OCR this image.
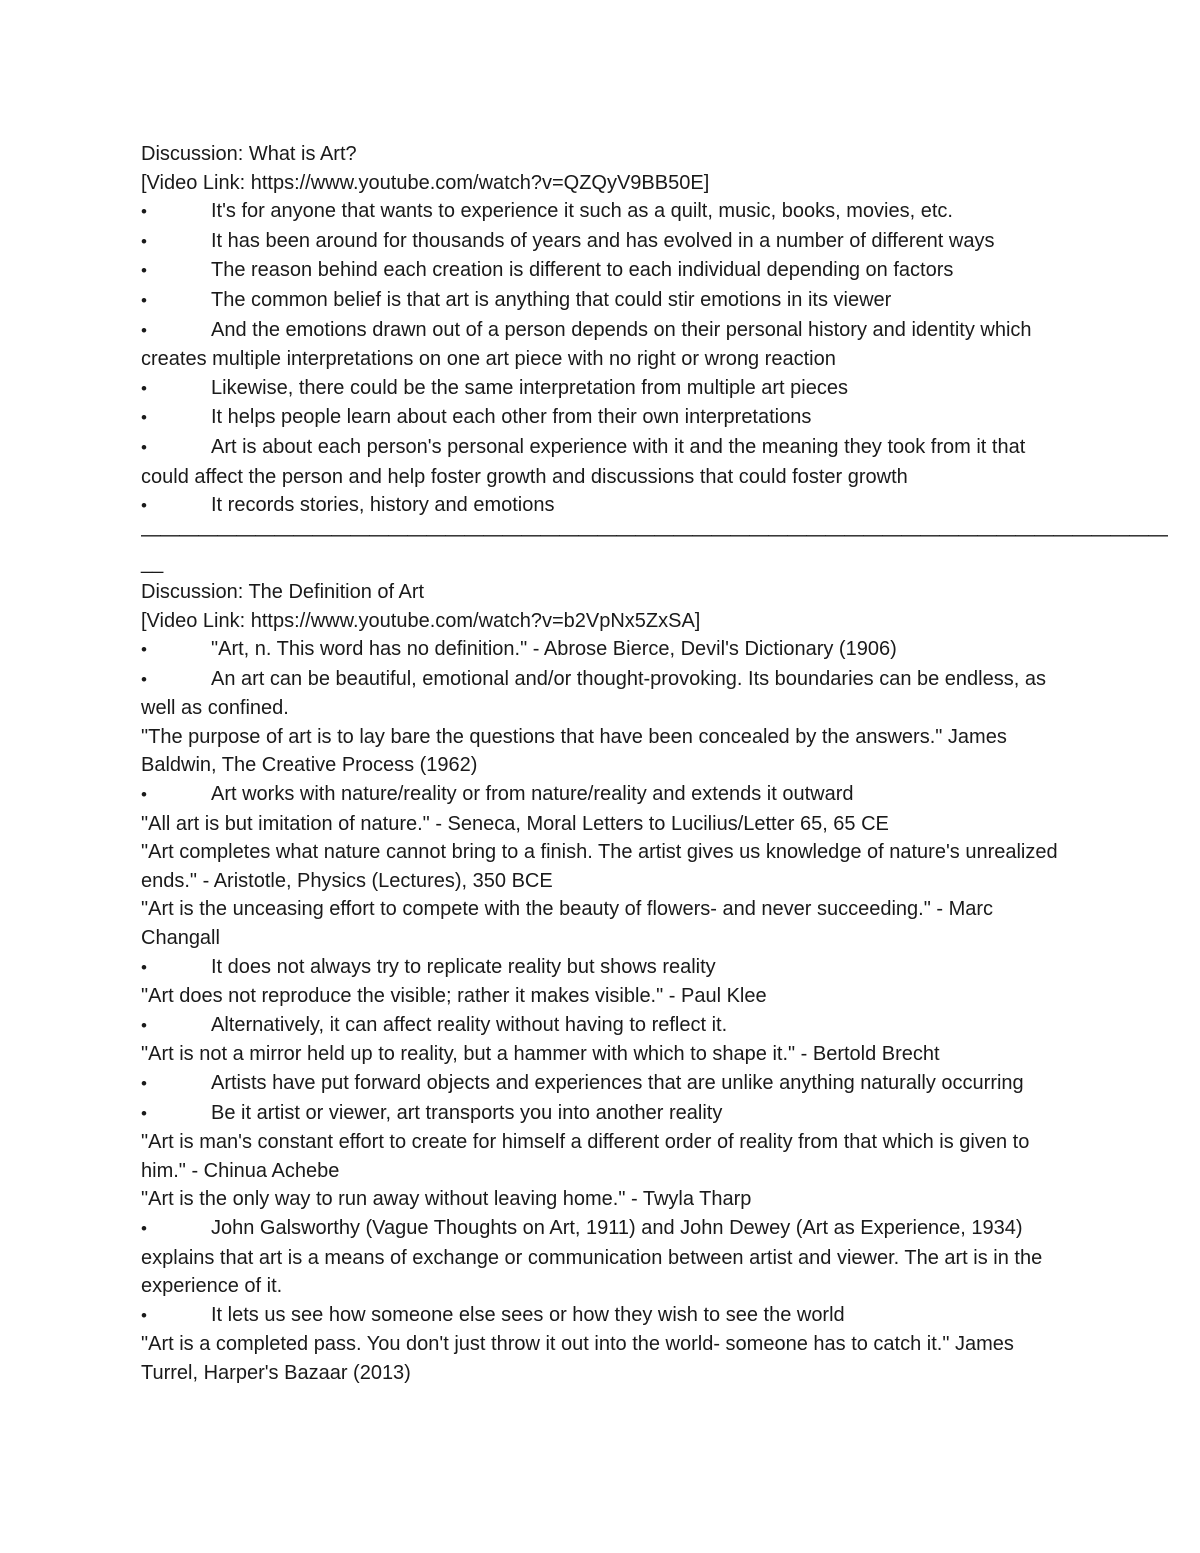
Discussion: What is Art?

[Video Link: https://www.youtube.com/watch?v=QZQyV9BB50E]

•	It's for anyone that wants to experience it such as a quilt, music, books, movies, etc.

•	It has been around for thousands of years and has evolved in a number of different ways

•	The reason behind each creation is different to each individual depending on factors

•	The common belief is that art is anything that could stir emotions in its viewer

•	And the emotions drawn out of a person depends on their personal history and identity which creates multiple interpretations on one art piece with no right or wrong reaction

•	Likewise, there could be the same interpretation from multiple art pieces

•	It helps people learn about each other from their own interpretations

•	Art is about each person's personal experience with it and the meaning they took from it that could affect the person and help foster growth and discussions that could foster growth

•	It records stories, history and emotions

——————————————————————————————————————————————————————

__

Discussion: The Definition of Art

[Video Link: https://www.youtube.com/watch?v=b2VpNx5ZxSA]

•	"Art, n. This word has no definition." - Abrose Bierce, Devil's Dictionary (1906)

•	An art can be beautiful, emotional and/or thought-provoking. Its boundaries can be endless, as well as confined.

"The purpose of art is to lay bare the questions that have been concealed by the answers." James Baldwin, The Creative Process (1962)

•	Art works with nature/reality or from nature/reality and extends it outward

"All art is but imitation of nature." - Seneca, Moral Letters to Lucilius/Letter 65, 65 CE

"Art completes what nature cannot bring to a finish. The artist gives us knowledge of nature's unrealized ends." - Aristotle, Physics (Lectures), 350 BCE

"Art is the unceasing effort to compete with the beauty of flowers- and never succeeding." - Marc Changall

•	It does not always try to replicate reality but shows reality

"Art does not reproduce the visible; rather it makes visible." - Paul Klee

•	Alternatively, it can affect reality without having to reflect it.

"Art is not a mirror held up to reality, but a hammer with which to shape it." - Bertold Brecht

•	Artists have put forward objects and experiences that are unlike anything naturally occurring

•	Be it artist or viewer, art transports you into another reality

"Art is man's constant effort to create for himself a different order of reality from that which is given to him." - Chinua Achebe

"Art is the only way to run away without leaving home." - Twyla Tharp

•	John Galsworthy (Vague Thoughts on Art, 1911) and John Dewey (Art as Experience, 1934) explains that art is a means of exchange or communication between artist and viewer. The art is in the experience of it.

•	It lets us see how someone else sees or how they wish to see the world

"Art is a completed pass. You don't just throw it out into the world- someone has to catch it." James Turrel, Harper's Bazaar (2013)
